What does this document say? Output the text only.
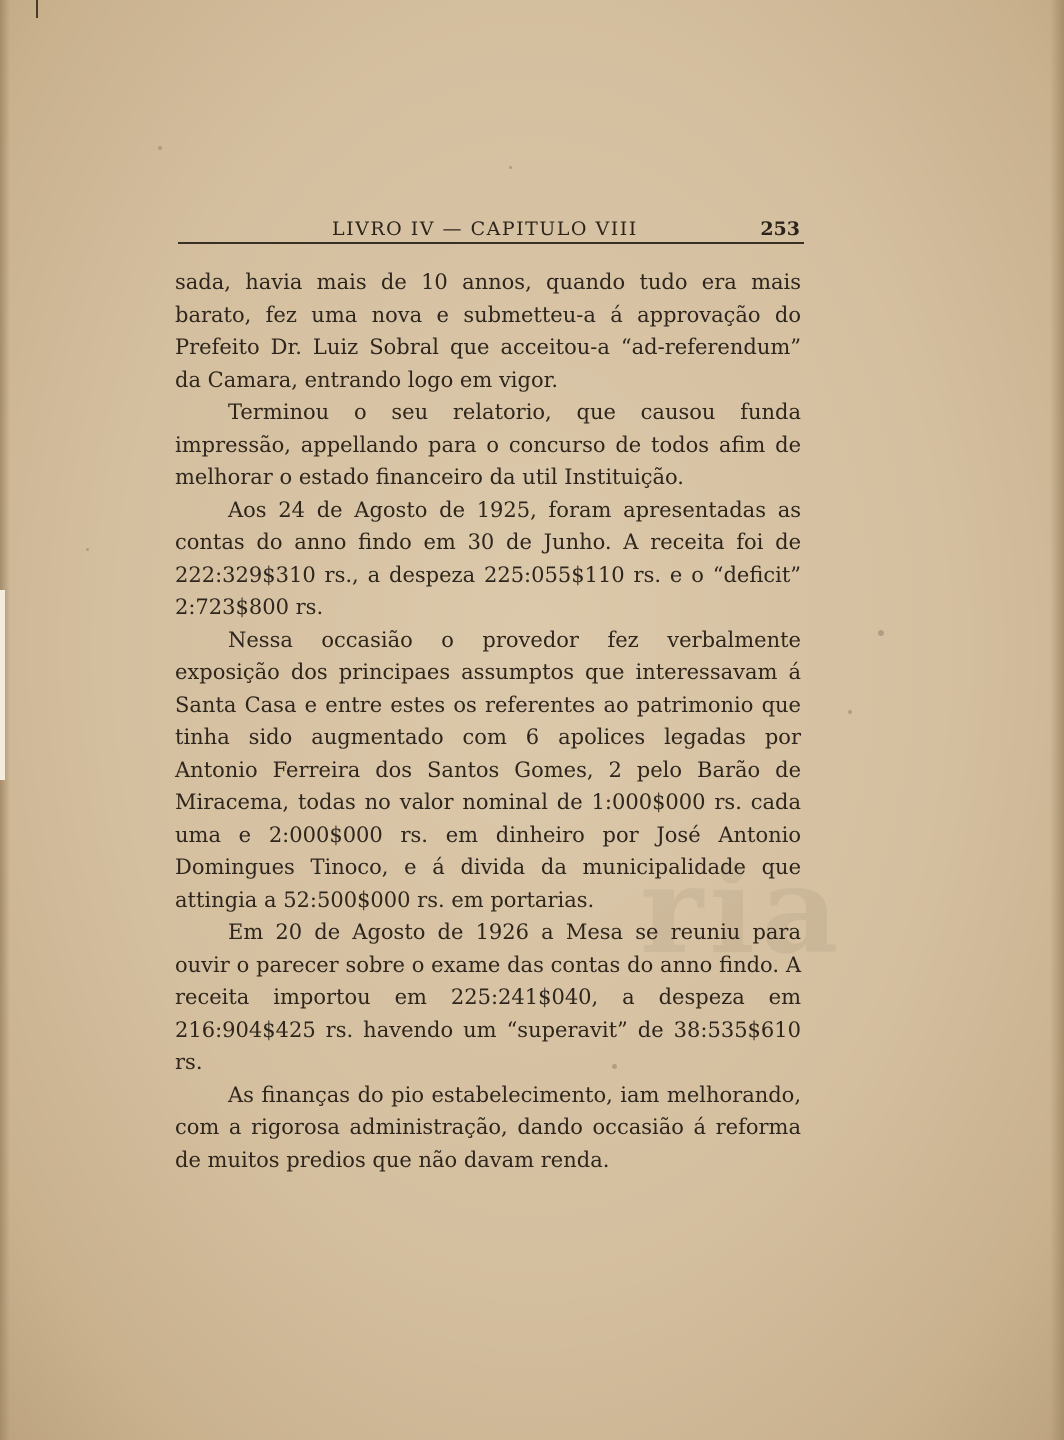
ria
LIVRO IV — CAPITULO VIII	253

sada, havia mais de 10 annos, quando tudo era mais barato, fez uma nova e submetteu-a á approvação do Prefeito Dr. Luiz Sobral que acceitou-a “ad-referendum” da Camara, entrando logo em vigor.

Terminou o seu relatorio, que causou funda impressão, appellando para o concurso de todos afim de melhorar o estado financeiro da util Instituição.

Aos 24 de Agosto de 1925, foram apresentadas as contas do anno findo em 30 de Junho. A receita foi de 222:329$310 rs., a despeza 225:055$110 rs. e o “deficit” 2:723$800 rs.

Nessa occasião o provedor fez verbalmente exposição dos principaes assumptos que interessavam á Santa Casa e entre estes os referentes ao patrimonio que tinha sido augmentado com 6 apolices legadas por Antonio Ferreira dos Santos Gomes, 2 pelo Barão de Miracema, todas no valor nominal de 1:000$000 rs. cada uma e 2:000$000 rs. em dinheiro por José Antonio Domingues Tinoco, e á divida da municipalidade que attingia a 52:500$000 rs. em portarias.

Em 20 de Agosto de 1926 a Mesa se reuniu para ouvir o parecer sobre o exame das contas do anno findo. A receita importou em 225:241$040, a despeza em 216:904$425 rs. havendo um “superavit” de 38:535$610 rs.

As finanças do pio estabelecimento, iam melhorando, com a rigorosa administração, dando occasião á reforma de muitos predios que não davam renda.
